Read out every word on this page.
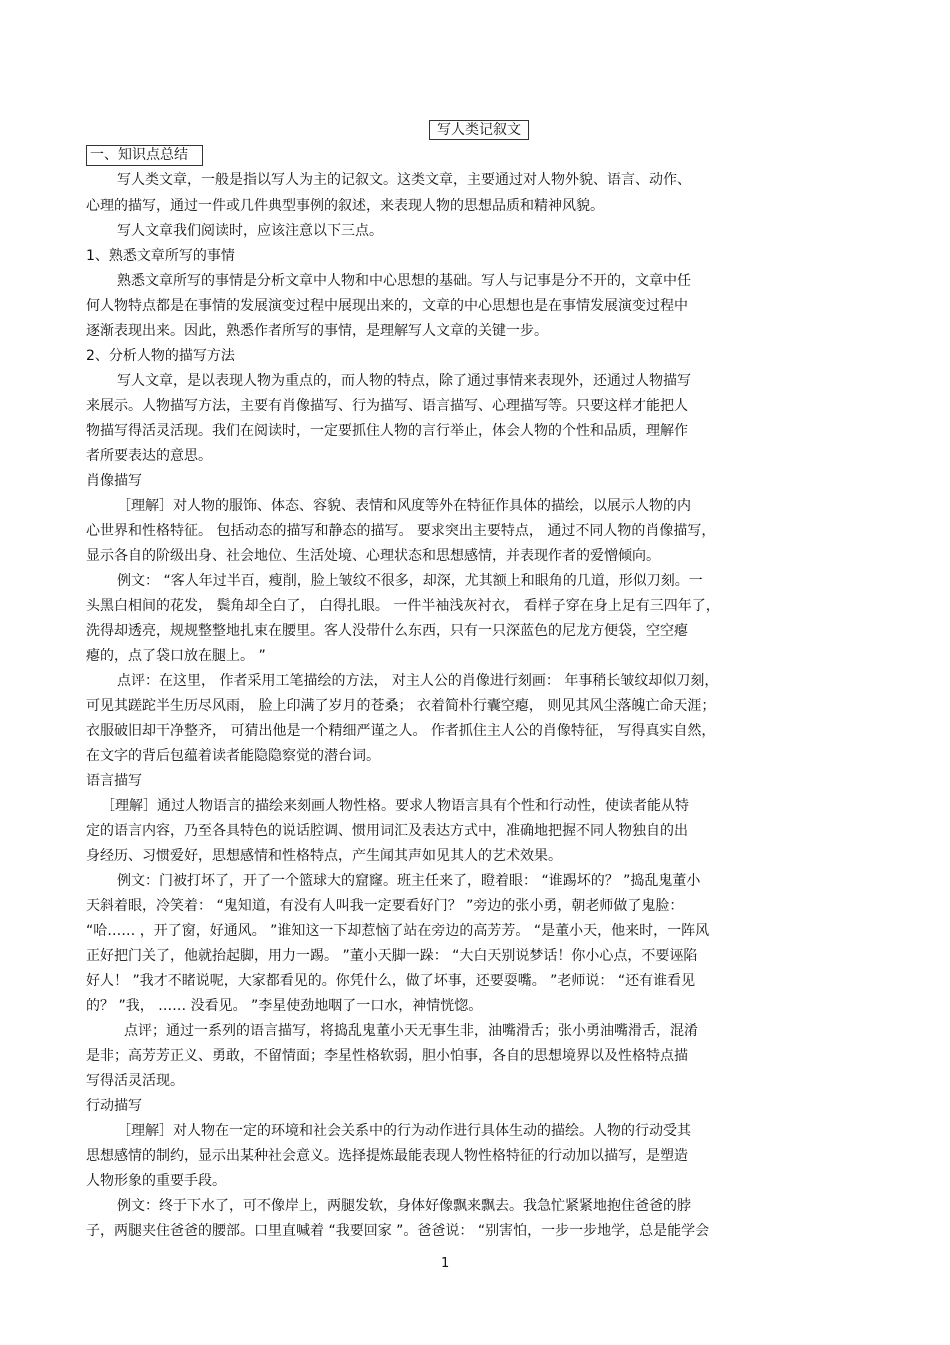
写人类记叙文
一、知识点总结
写人类文章，一般是指以写人为主的记叙文。这类文章，主要通过对人物外貌、语言、动作、
心理的描写，通过一件或几件典型事例的叙述，来表现人物的思想品质和精神风貌。
写人文章我们阅读时，应该注意以下三点。
1、熟悉文章所写的事情
熟悉文章所写的事情是分析文章中人物和中心思想的基础。写人与记事是分不开的，文章中任
何人物特点都是在事情的发展演变过程中展现出来的，文章的中心思想也是在事情发展演变过程中
逐渐表现出来。因此，熟悉作者所写的事情，是理解写人文章的关键一步。
2、分析人物的描写方法
写人文章，是以表现人物为重点的，而人物的特点，除了通过事情来表现外，还通过人物描写
来展示。人物描写方法，主要有肖像描写、行为描写、语言描写、心理描写等。只要这样才能把人
物描写得活灵活现。我们在阅读时，一定要抓住人物的言行举止，体会人物的个性和品质，理解作
者所要表达的意思。
肖像描写
［理解］对人物的服饰、体态、容貌、表情和风度等外在特征作具体的描绘，以展示人物的内
心世界和性格特征。 包括动态的描写和静态的描写。 要求突出主要特点， 通过不同人物的肖像描写，
显示各自的阶级出身、社会地位、生活处境、心理状态和思想感情，并表现作者的爱憎倾向。
例文： “客人年过半百，瘦削，脸上皱纹不很多，却深，尤其额上和眼角的几道，形似刀刻。一
头黑白相间的花发， 鬓角却全白了， 白得扎眼。 一件半袖浅灰衬衣， 看样子穿在身上足有三四年了，
洗得却透亮，规规整整地扎束在腰里。客人没带什么东西，只有一只深蓝色的尼龙方便袋，空空瘪
瘪的，点了袋口放在腿上。 ”
点评：在这里， 作者采用工笔描绘的方法， 对主人公的肖像进行刻画： 年事稍长皱纹却似刀刻，
可见其蹉跎半生历尽风雨， 脸上印满了岁月的苍桑； 衣着简朴行囊空瘪， 则见其风尘落魄亡命天涯；
衣服破旧却干净整齐， 可猜出他是一个精细严谨之人。 作者抓住主人公的肖像特征， 写得真实自然，
在文字的背后包蕴着读者能隐隐察觉的潜台词。
语言描写
［理解］通过人物语言的描绘来刻画人物性格。要求人物语言具有个性和行动性，使读者能从特
定的语言内容，乃至各具特色的说话腔调、惯用词汇及表达方式中，准确地把握不同人物独自的出
身经历、习惯爱好，思想感情和性格特点，产生闻其声如见其人的艺术效果。
例文：门被打坏了，开了一个篮球大的窟窿。班主任来了，瞪着眼： “谁踢坏的？ ”捣乱鬼董小
天斜着眼，冷笑着： “鬼知道，有没有人叫我一定要看好门？ ”旁边的张小勇，朝老师做了鬼脸：
“哈…… ，开了窗，好通风。 ”谁知这一下却惹恼了站在旁边的高芳芳。 “是董小天，他来时，一阵风
正好把门关了，他就抬起脚，用力一踢。 ”董小天脚一跺： “大白天别说梦话！你小心点，不要诬陷
好人！ ”我才不睹说呢，大家都看见的。你凭什么，做了坏事，还要耍嘴。 ”老师说： “还有谁看见
的？ ”我， …… 没看见。 ”李星使劲地咽了一口水，神情恍惚。
点评；通过一系列的语言描写，将捣乱鬼董小天无事生非，油嘴滑舌；张小勇油嘴滑舌，混淆
是非；高芳芳正义、勇敢，不留情面；李星性格软弱，胆小怕事，各自的思想境界以及性格特点描
写得活灵活现。
行动描写
［理解］对人物在一定的环境和社会关系中的行为动作进行具体生动的描绘。人物的行动受其
思想感情的制约，显示出某种社会意义。选择提炼最能表现人物性格特征的行动加以描写，是塑造
人物形象的重要手段。
例文：终于下水了，可不像岸上，两腿发软，身体好像飘来飘去。我急忙紧紧地抱住爸爸的脖
子，两腿夹住爸爸的腰部。口里直喊着 “我要回家 ”。爸爸说： “别害怕，一步一步地学，总是能学会
1
